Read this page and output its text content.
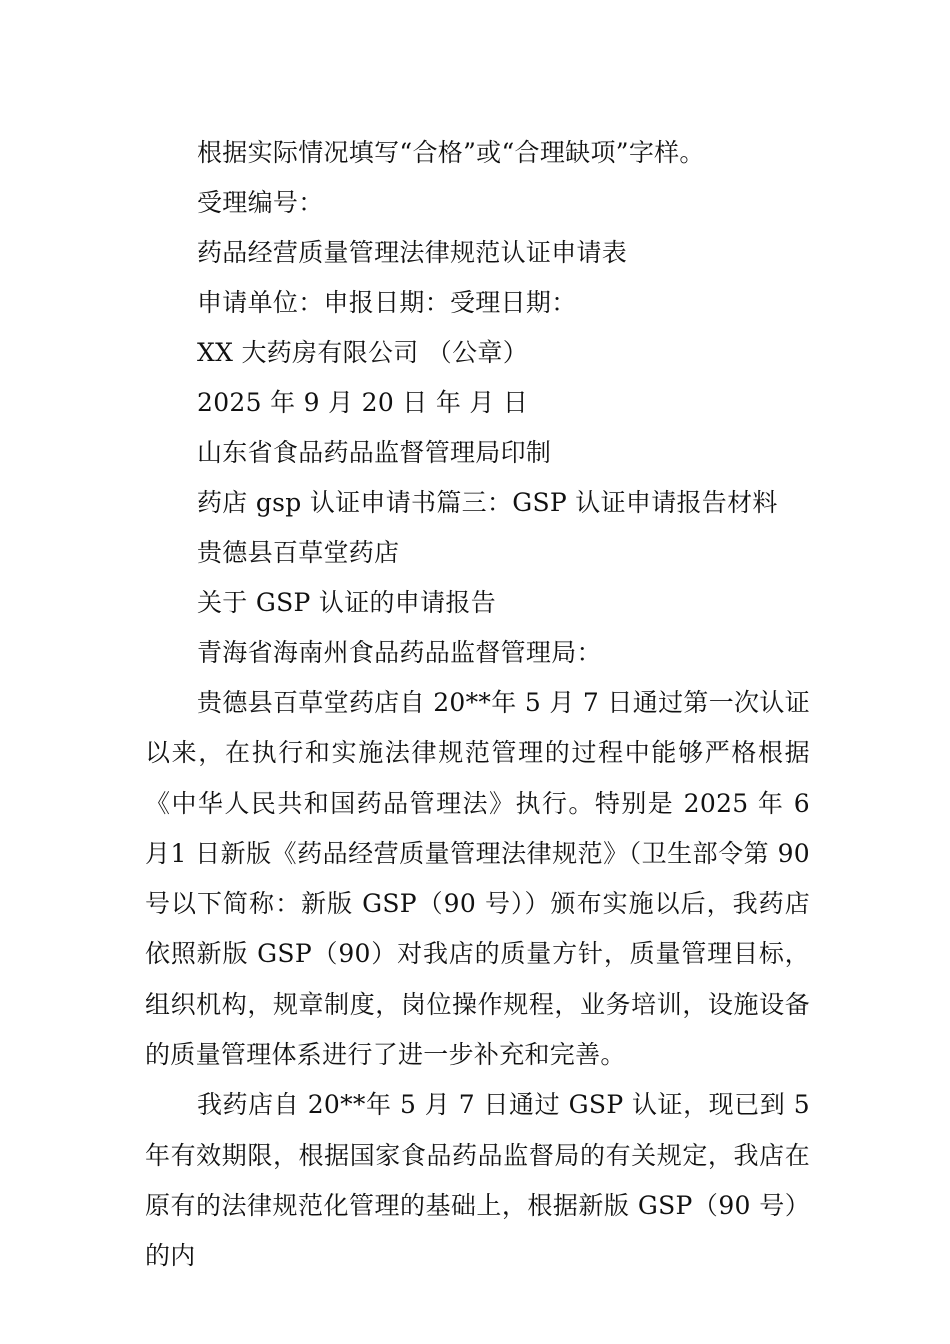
根据实际情况填写“合格”或“合理缺项”字样。
受理编号：
药品经营质量管理法律规范认证申请表
申请单位：申报日期：受理日期：
XX 大药房有限公司 （公章）
2025 年 9 月 20 日 年 月 日
山东省食品药品监督管理局印制
药店 gsp 认证申请书篇三：GSP 认证申请报告材料
贵德县百草堂药店
关于 GSP 认证的申请报告
青海省海南州食品药品监督管理局：

贵德县百草堂药店自 20**年 5 月 7 日通过第一次认证以来，在执行和实施法律规范管理的过程中能够严格根据《中华人民共和国药品管理法》执行。特别是 2025 年 6 月1 日新版《药品经营质量管理法律规范》（卫生部令第 90号以下简称：新版 GSP（90 号））颁布实施以后，我药店依照新版 GSP（90）对我店的质量方针，质量管理目标，组织机构，规章制度，岗位操作规程，业务培训，设施设备的质量管理体系进行了进一步补充和完善。

我药店自 20**年 5 月 7 日通过 GSP 认证，现已到 5 年有效期限，根据国家食品药品监督局的有关规定，我店在原有的法律规范化管理的基础上，根据新版 GSP（90 号）的内
